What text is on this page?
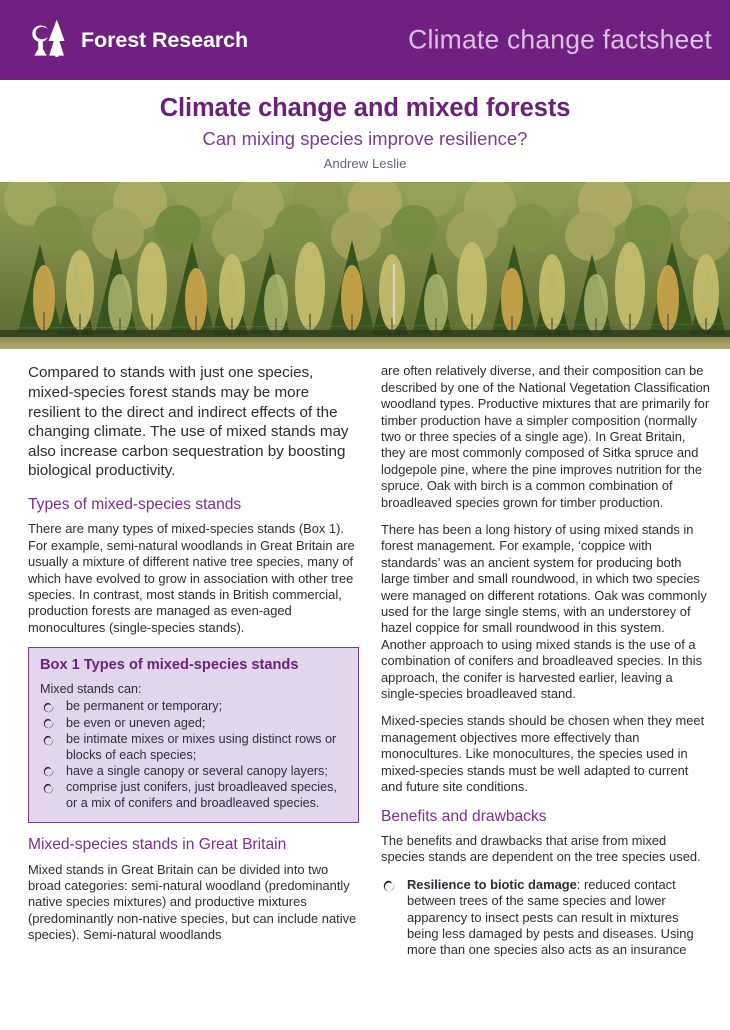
Forest Research	Climate change factsheet
Climate change and mixed forests
Can mixing species improve resilience?
Andrew Leslie

Compared to stands with just one species, mixed-species forest stands may be more resilient to the direct and indirect effects of the changing climate. The use of mixed stands may also increase carbon sequestration by boosting biological productivity.

Types of mixed-species stands

There are many types of mixed-species stands (Box 1). For example, semi-natural woodlands in Great Britain are usually a mixture of different native tree species, many of which have evolved to grow in association with other tree species. In contrast, most stands in British commercial, production forests are managed as even-aged monocultures (single-species stands).

Box 1 Types of mixed-species stands

Mixed stands can:

be permanent or temporary;
be even or uneven aged;
be intimate mixes or mixes using distinct rows or blocks of each species;
have a single canopy or several canopy layers;
comprise just conifers, just broadleaved species, or a mix of conifers and broadleaved species.
Mixed-species stands in Great Britain

Mixed stands in Great Britain can be divided into two broad categories: semi-natural woodland (predominantly native species mixtures) and productive mixtures (predominantly non-native species, but can include native species). Semi-natural woodlands

are often relatively diverse, and their composition can be described by one of the National Vegetation Classification woodland types. Productive mixtures that are primarily for timber production have a simpler composition (normally two or three species of a single age). In Great Britain, they are most commonly composed of Sitka spruce and lodgepole pine, where the pine improves nutrition for the spruce. Oak with birch is a common combination of broadleaved species grown for timber production.

There has been a long history of using mixed stands in forest management. For example, ‘coppice with standards’ was an ancient system for producing both large timber and small roundwood, in which two species were managed on different rotations. Oak was commonly used for the large single stems, with an understorey of hazel coppice for small roundwood in this system. Another approach to using mixed stands is the use of a combination of conifers and broadleaved species. In this approach, the conifer is harvested earlier, leaving a single-species broadleaved stand.

Mixed-species stands should be chosen when they meet management objectives more effectively than monocultures. Like monocultures, the species used in mixed-species stands must be well adapted to current and future site conditions.

Benefits and drawbacks

The benefits and drawbacks that arise from mixed species stands are dependent on the tree species used.

Resilience to biotic damage: reduced contact between trees of the same species and lower apparency to insect pests can result in mixtures being less damaged by pests and diseases. Using more than one species also acts as an insurance
